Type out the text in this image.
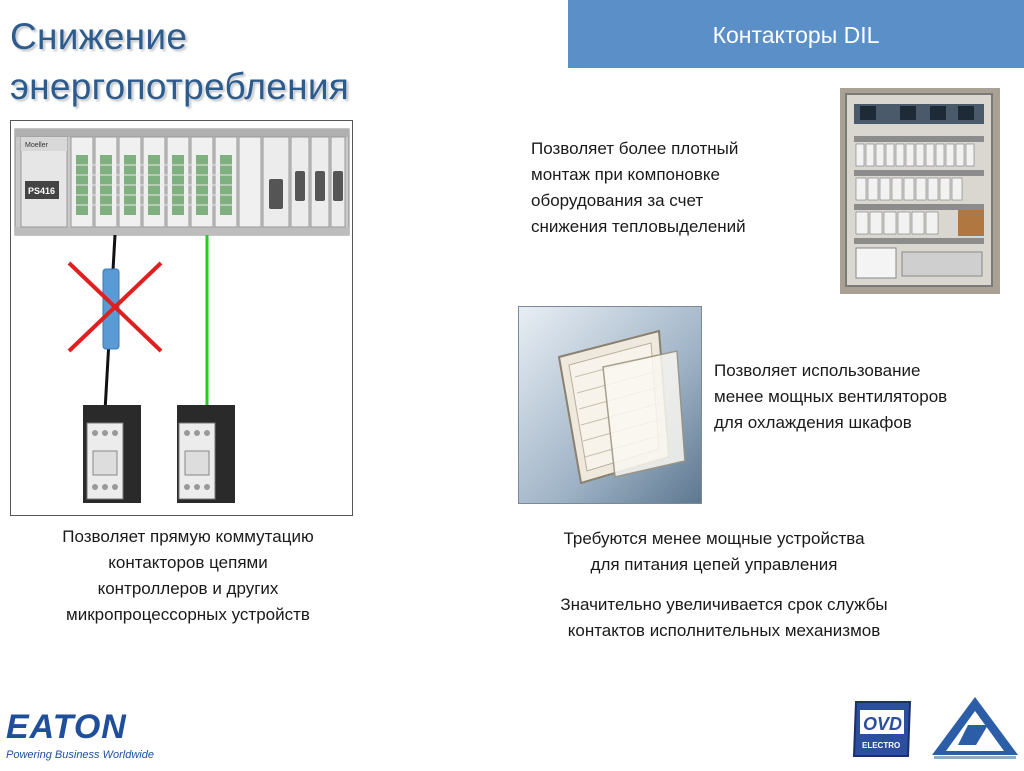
Снижение
энергопотребления
Контакторы DIL
Moeller
PS416
Позволяет более плотный
монтаж при компоновке
оборудования за счет
снижения тепловыделений
Позволяет использование
менее мощных вентиляторов
для охлаждения шкафов
Позволяет прямую коммутацию
контакторов цепями
контроллеров и других
микропроцессорных устройств
Требуются менее мощные устройства
для питания цепей управления
Значительно увеличивается срок службы
контактов исполнительных механизмов
EATON
Powering Business Worldwide
OVD
ELECTRO
